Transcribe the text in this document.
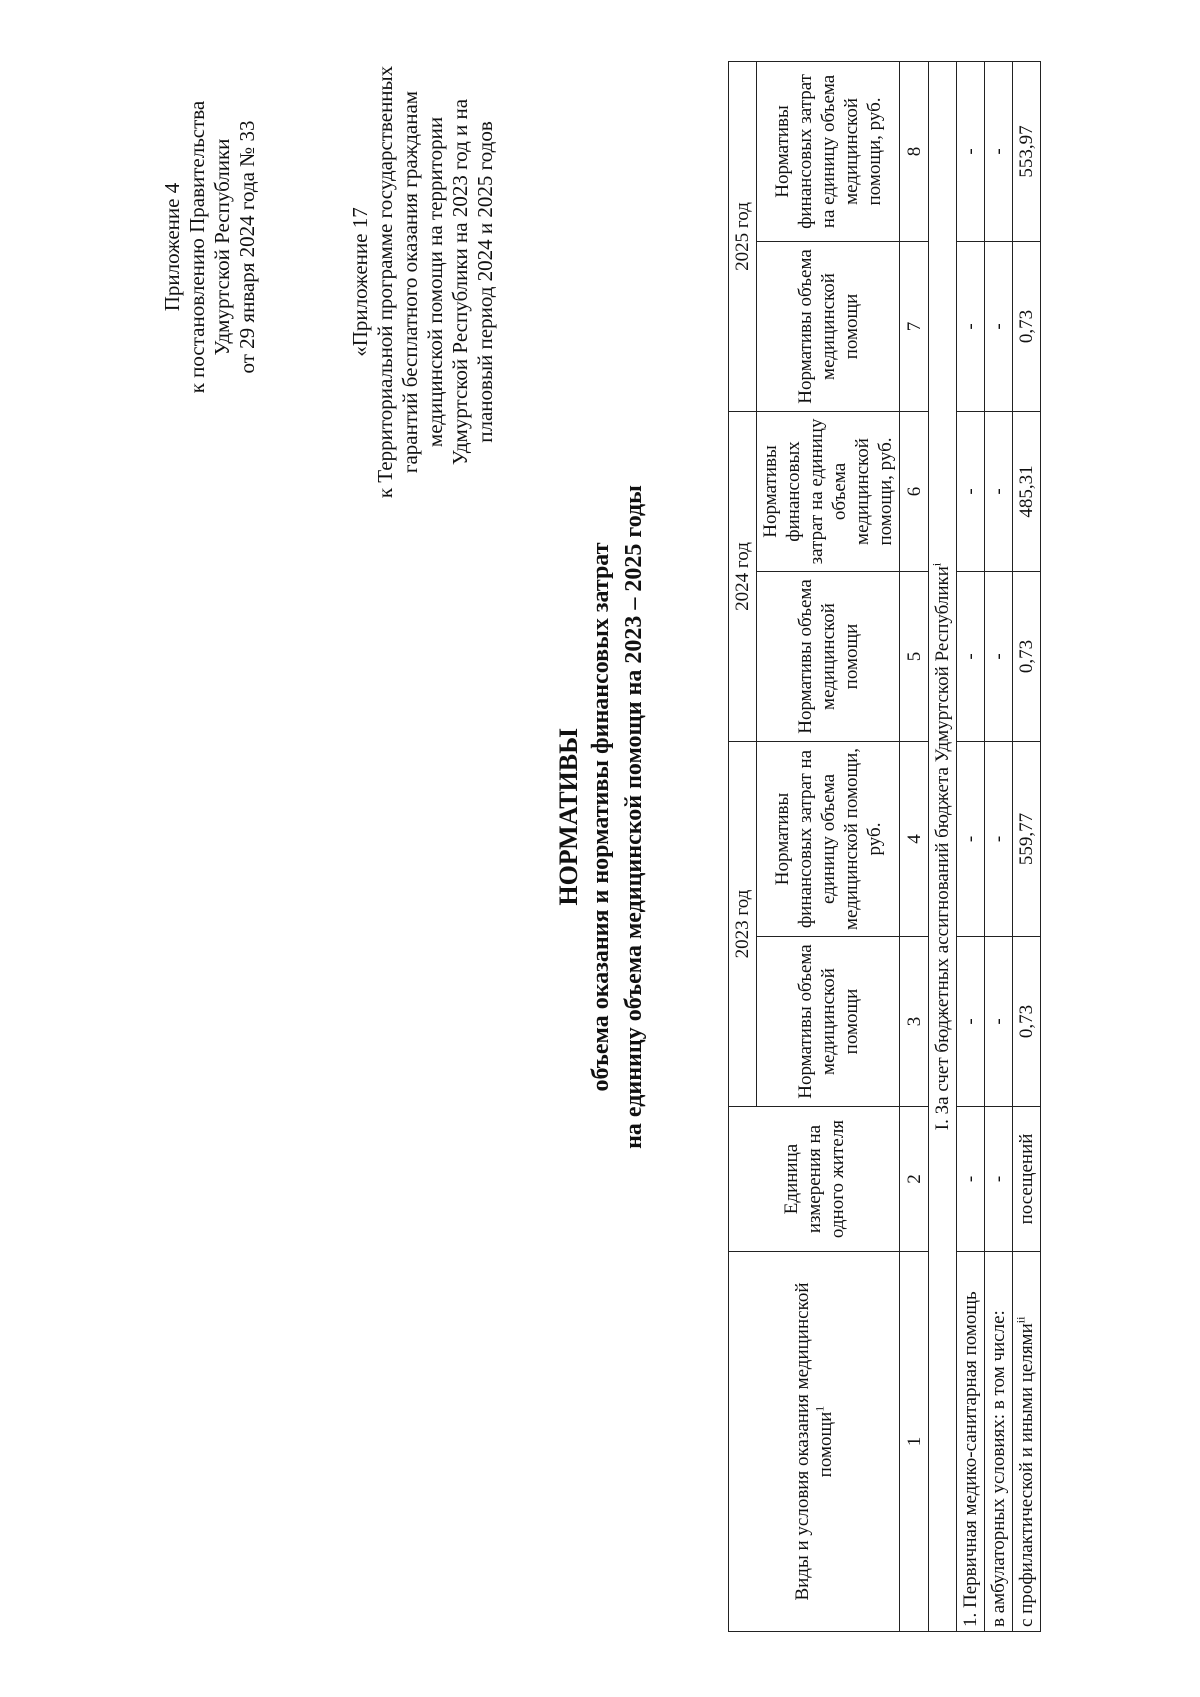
Приложение 4 к постановлению Правительства Удмуртской Республики от 29 января 2024 года № 33	«Приложение 17 к Территориальной программе государственных гарантий бесплатного оказания гражданам медицинской помощи на территории Удмуртской Республики на 2023 год и на плановый период 2024 и 2025 годов
НОРМАТИВЫ объема оказания и нормативы финансовых затрат на единицу объема медицинской помощи на 2023 – 2025 годы
Виды и условия оказания медицинской помощи$^1$	Единица измерения на одного жителя	2023 год		2024 год		2025 год	
		Нормативы объема медицинской помощи	Нормативы финансовых затрат на единицу объема медицинской помощи, руб.	Нормативы объема медицинской помощи	Нормативы финансовых затрат на единицу объема медицинской помощи, руб.	Нормативы объема медицинской помощи	Нормативы финансовых затрат на единицу объема медицинской помощи, руб.
1	2	3	4	5	6	7	8
I. За счет бюджетных ассигнований бюджета Удмуртской Республики$^i$
1. Первичная медико-санитарная помощь	-	-	-	-	-	-	-
в амбулаторных условиях: в том числе:	-	-	-	-	-	-	-
с профилактической и иными целями$^{ii}$	посещений	0,73	559,77	0,73	485,31	0,73	553,97
